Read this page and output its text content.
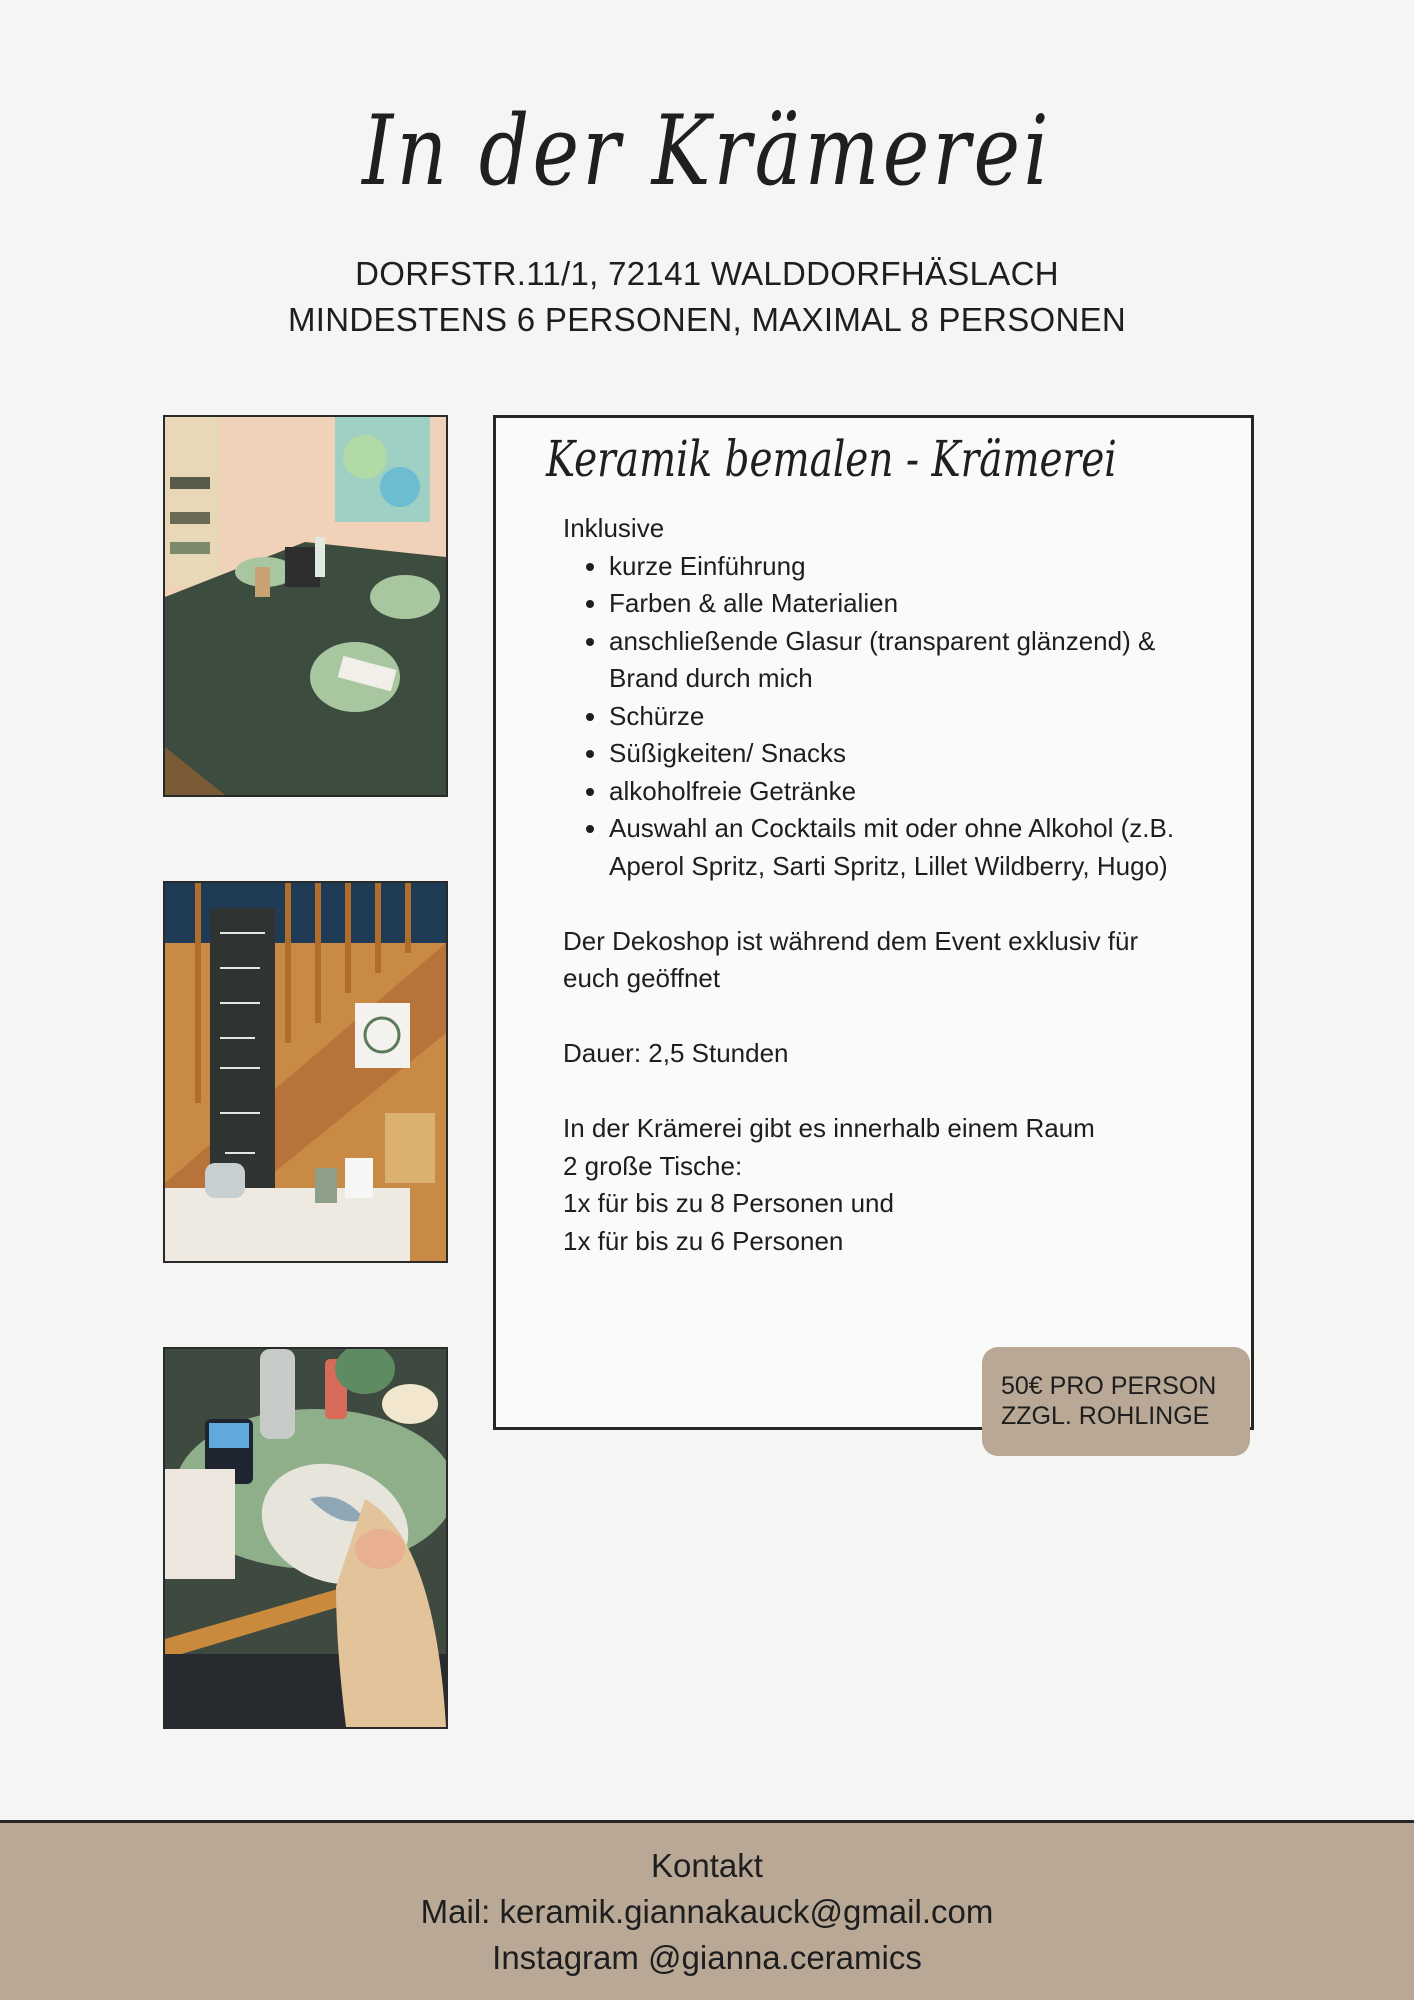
In der Krämerei
DORFSTR.11/1, 72141 WALDDORFHÄSLACH
MINDESTENS 6 PERSONEN, MAXIMAL 8 PERSONEN
Keramik bemalen - Krämerei

Inklusive

• kurze Einführung
• Farben & alle Materialien
• anschließende Glasur (transparent glänzend) & Brand durch mich
• Schürze
• Süßigkeiten/ Snacks
• alkoholfreie Getränke
• Auswahl an Cocktails mit oder ohne Alkohol (z.B. Aperol Spritz, Sarti Spritz, Lillet Wildberry, Hugo)

Der Dekoshop ist während dem Event exklusiv für euch geöffnet

Dauer: 2,5 Stunden

In der Krämerei gibt es innerhalb einem Raum

2 große Tische:

1x für bis zu 8 Personen und

1x für bis zu 6 Personen

50€ PRO PERSON
ZZGL. ROHLINGE
Kontakt
Mail: keramik.giannakauck@gmail.com
Instagram @gianna.ceramics
